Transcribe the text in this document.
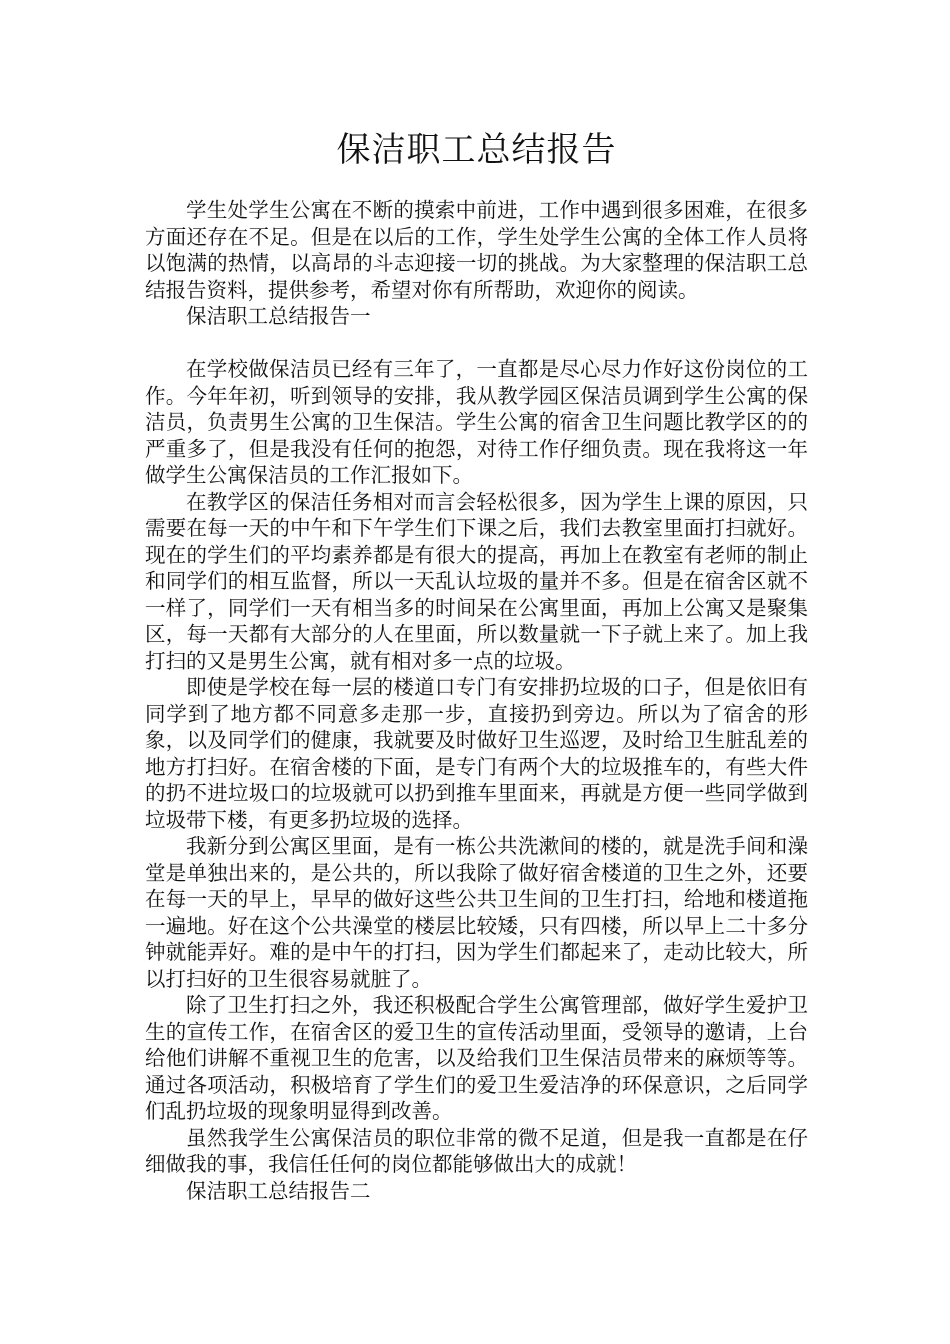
保洁职工总结报告

学生处学生公寓在不断的摸索中前进，工作中遇到很多困难，在很多方面还存在不足。但是在以后的工作，学生处学生公寓的全体工作人员将以饱满的热情，以高昂的斗志迎接一切的挑战。为大家整理的保洁职工总结报告资料，提供参考，希望对你有所帮助，欢迎你的阅读。

保洁职工总结报告一

在学校做保洁员已经有三年了，一直都是尽心尽力作好这份岗位的工作。今年年初，听到领导的安排，我从教学园区保洁员调到学生公寓的保洁员，负责男生公寓的卫生保洁。学生公寓的宿舍卫生问题比教学区的的严重多了，但是我没有任何的抱怨，对待工作仔细负责。现在我将这一年做学生公寓保洁员的工作汇报如下。

在教学区的保洁任务相对而言会轻松很多，因为学生上课的原因，只需要在每一天的中午和下午学生们下课之后，我们去教室里面打扫就好。现在的学生们的平均素养都是有很大的提高，再加上在教室有老师的制止和同学们的相互监督，所以一天乱认垃圾的量并不多。但是在宿舍区就不一样了，同学们一天有相当多的时间呆在公寓里面，再加上公寓又是聚集区，每一天都有大部分的人在里面，所以数量就一下子就上来了。加上我打扫的又是男生公寓，就有相对多一点的垃圾。

即使是学校在每一层的楼道口专门有安排扔垃圾的口子，但是依旧有同学到了地方都不同意多走那一步，直接扔到旁边。所以为了宿舍的形象，以及同学们的健康，我就要及时做好卫生巡逻，及时给卫生脏乱差的地方打扫好。在宿舍楼的下面，是专门有两个大的垃圾推车的，有些大件的扔不进垃圾口的垃圾就可以扔到推车里面来，再就是方便一些同学做到垃圾带下楼，有更多扔垃圾的选择。

我新分到公寓区里面，是有一栋公共洗漱间的楼的，就是洗手间和澡堂是单独出来的，是公共的，所以我除了做好宿舍楼道的卫生之外，还要在每一天的早上，早早的做好这些公共卫生间的卫生打扫，给地和楼道拖一遍地。好在这个公共澡堂的楼层比较矮，只有四楼，所以早上二十多分钟就能弄好。难的是中午的打扫，因为学生们都起来了，走动比较大，所以打扫好的卫生很容易就脏了。

除了卫生打扫之外，我还积极配合学生公寓管理部，做好学生爱护卫生的宣传工作，在宿舍区的爱卫生的宣传活动里面，受领导的邀请，上台给他们讲解不重视卫生的危害，以及给我们卫生保洁员带来的麻烦等等。通过各项活动，积极培育了学生们的爱卫生爱洁净的环保意识，之后同学们乱扔垃圾的现象明显得到改善。

虽然我学生公寓保洁员的职位非常的微不足道，但是我一直都是在仔细做我的事，我信任任何的岗位都能够做出大的成就！

保洁职工总结报告二
